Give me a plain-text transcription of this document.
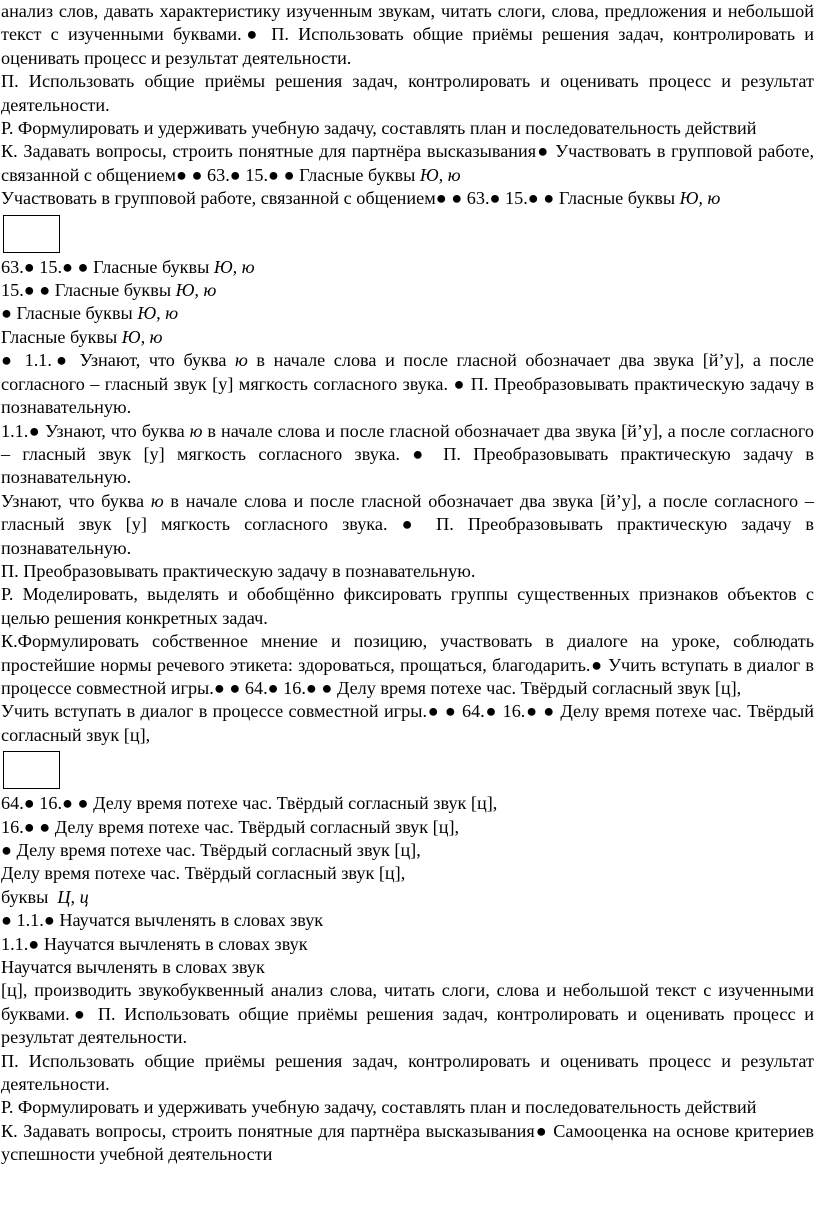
анализ слов, давать характеристику изученным звукам, читать слоги, слова, предложения и небольшой текст с изученными буквами.● П. Использовать общие приёмы решения задач, контролировать и оценивать процесс и результат деятельности.

П. Использовать общие приёмы решения задач, контролировать и оценивать процесс и результат деятельности.

Р. Формулировать и удерживать учебную задачу, составлять план и последовательность действий

К. Задавать вопросы, строить понятные для партнёра высказывания● Участвовать в групповой работе, связанной с общением● ● 63.● 15.● ● Гласные буквы Ю, ю

Участвовать в групповой работе, связанной с общением● ● 63.● 15.● ● Гласные буквы Ю, ю

63.● 15.● ● Гласные буквы Ю, ю

15.● ● Гласные буквы Ю, ю

● Гласные буквы Ю, ю

Гласные буквы Ю, ю

● 1.1.● Узнают, что буква ю в начале слова и после гласной обозначает два звука [й’у], а после согласного – гласный звук [у] мягкость согласного звука. ● П. Преобразовывать практическую задачу в познавательную.

1.1.● Узнают, что буква ю в начале слова и после гласной обозначает два звука [й’у], а после согласного – гласный звук [у] мягкость согласного звука. ● П. Преобразовывать практическую задачу в познавательную.

Узнают, что буква ю в начале слова и после гласной обозначает два звука [й’у], а после согласного – гласный звук [у] мягкость согласного звука. ● П. Преобразовывать практическую задачу в познавательную.

П. Преобразовывать практическую задачу в познавательную.

Р. Моделировать, выделять и обобщённо фиксировать группы существенных признаков объектов с целью решения конкретных задач.

К.Формулировать собственное мнение и позицию, участвовать в диалоге на уроке, соблюдать простейшие нормы речевого этикета: здороваться, прощаться, благодарить.● Учить вступать в диалог в процессе совместной игры.● ● 64.● 16.● ● Делу время потехе час. Твёрдый согласный звук [ц],

Учить вступать в диалог в процессе совместной игры.● ● 64.● 16.● ● Делу время потехе час. Твёрдый согласный звук [ц],

64.● 16.● ● Делу время потехе час. Твёрдый согласный звук [ц],

16.● ● Делу время потехе час. Твёрдый согласный звук [ц],

● Делу время потехе час. Твёрдый согласный звук [ц],

Делу время потехе час. Твёрдый согласный звук [ц],

буквы  Ц, ц

● 1.1.● Научатся вычленять в словах звук

1.1.● Научатся вычленять в словах звук

Научатся вычленять в словах звук

[ц], производить звукобуквенный анализ слова, читать слоги, слова и небольшой текст с изученными буквами.● П. Использовать общие приёмы решения задач, контролировать и оценивать процесс и результат деятельности.

П. Использовать общие приёмы решения задач, контролировать и оценивать процесс и результат деятельности.

Р. Формулировать и удерживать учебную задачу, составлять план и последовательность действий

К. Задавать вопросы, строить понятные для партнёра высказывания● Самооценка на основе критериев успешности учебной деятельности
